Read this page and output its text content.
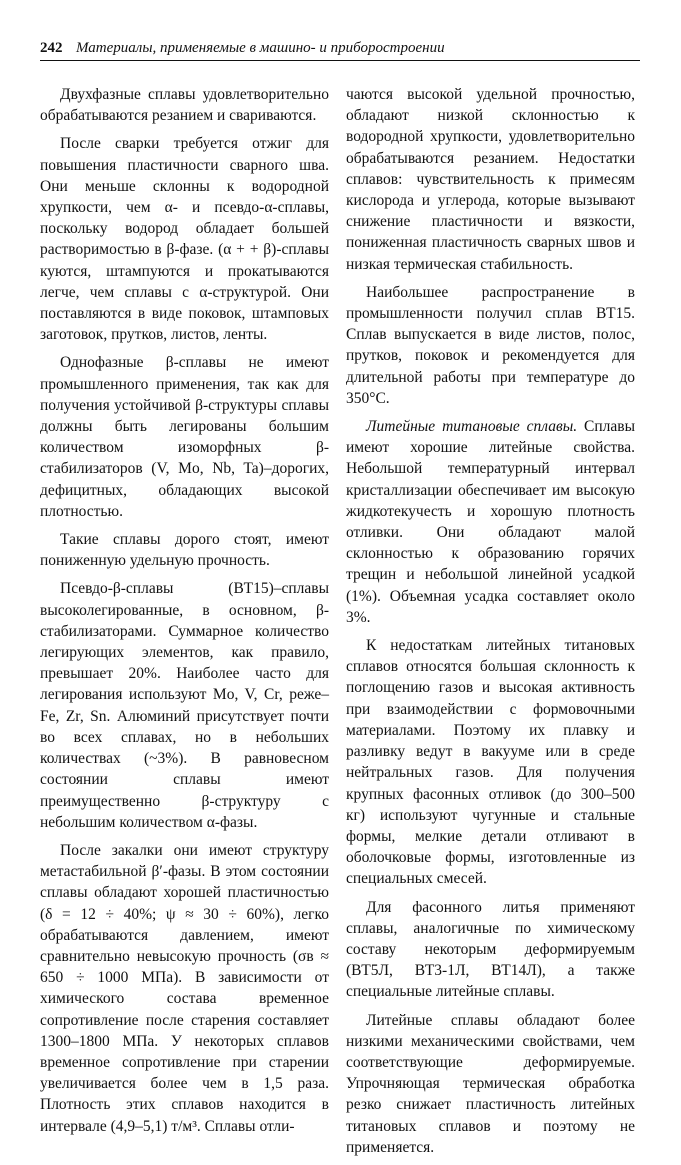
242 Материалы, применяемые в машино- и приборостроении

Двухфазные сплавы удовлетворительно обрабатываются резанием и свариваются.

После сварки требуется отжиг для повышения пластичности сварного шва. Они меньше склонны к водородной хрупкости, чем α- и псевдо-α-сплавы, поскольку водород обладает большей растворимостью в β-фазе. (α + + β)-сплавы куются, штампуются и прокатываются легче, чем сплавы с α-структурой. Они поставляются в виде поковок, штамповых заготовок, прутков, листов, ленты.

Однофазные β-сплавы не имеют промышленного применения, так как для получения устойчивой β-структуры сплавы должны быть легированы большим количеством изоморфных β-стабилизаторов (V, Mo, Nb, Ta)–дорогих, дефицитных, обладающих высокой плотностью.

Такие сплавы дорого стоят, имеют пониженную удельную прочность.

Псевдо-β-сплавы (ВТ15)–сплавы высоколегированные, в основном, β-стабилизаторами. Суммарное количество легирующих элементов, как правило, превышает 20%. Наиболее часто для легирования используют Mo, V, Cr, реже–Fe, Zr, Sn. Алюминий присутствует почти во всех сплавах, но в небольших количествах (~3%). В равновесном состоянии сплавы имеют преимущественно β-структуру с небольшим количеством α-фазы.

После закалки они имеют структуру метастабильной β′-фазы. В этом состоянии сплавы обладают хорошей пластичностью (δ = 12 ÷ 40%; ψ ≈ 30 ÷ 60%), легко обрабатываются давлением, имеют сравнительно невысокую прочность (σв ≈ 650 ÷ 1000 МПа). В зависимости от химического состава временное сопротивление после старения составляет 1300–1800 МПа. У некоторых сплавов временное сопротивление при старении увеличивается более чем в 1,5 раза. Плотность этих сплавов находится в интервале (4,9–5,1) т/м³. Сплавы отли-

чаются высокой удельной прочностью, обладают низкой склонностью к водородной хрупкости, удовлетворительно обрабатываются резанием. Недостатки сплавов: чувствительность к примесям кислорода и углерода, которые вызывают снижение пластичности и вязкости, пониженная пластичность сварных швов и низкая термическая стабильность.

Наибольшее распространение в промышленности получил сплав ВТ15. Сплав выпускается в виде листов, полос, прутков, поковок и рекомендуется для длительной работы при температуре до 350°С.

Литейные титановые сплавы. Сплавы имеют хорошие литейные свойства. Небольшой температурный интервал кристаллизации обеспечивает им высокую жидкотекучесть и хорошую плотность отливки. Они обладают малой склонностью к образованию горячих трещин и небольшой линейной усадкой (1%). Объемная усадка составляет около 3%.

К недостаткам литейных титановых сплавов относятся большая склонность к поглощению газов и высокая активность при взаимодействии с формовочными материалами. Поэтому их плавку и разливку ведут в вакууме или в среде нейтральных газов. Для получения крупных фасонных отливок (до 300–500 кг) используют чугунные и стальные формы, мелкие детали отливают в оболочковые формы, изготовленные из специальных смесей.

Для фасонного литья применяют сплавы, аналогичные по химическому составу некоторым деформируемым (ВТ5Л, ВТ3-1Л, ВТ14Л), а также специальные литейные сплавы.

Литейные сплавы обладают более низкими механическими свойствами, чем соответствующие деформируемые. Упрочняющая термическая обработка резко снижает пластичность литейных титановых сплавов и поэтому не применяется.
